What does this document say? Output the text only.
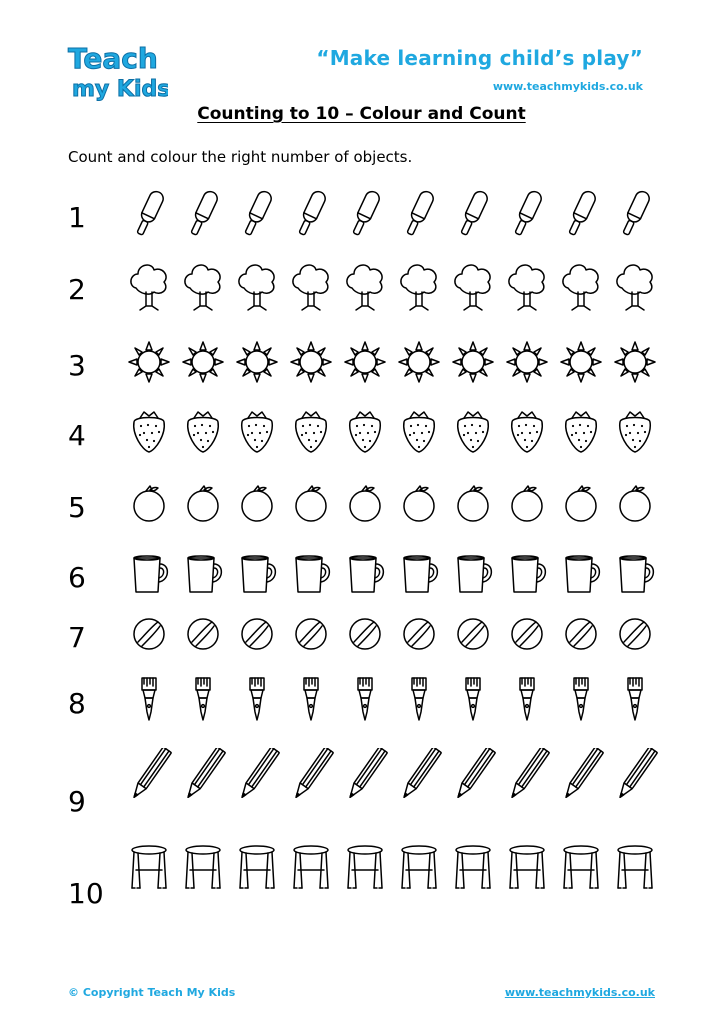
Teach
my Kids
“Make learning child’s play”
www.teachmykids.co.uk
Counting to 10 – Colour and Count
Count and colour the right number of objects.
1
2
3
4
5
6
7
8
9
10
© Copyright Teach My Kids	www.teachmykids.co.uk
